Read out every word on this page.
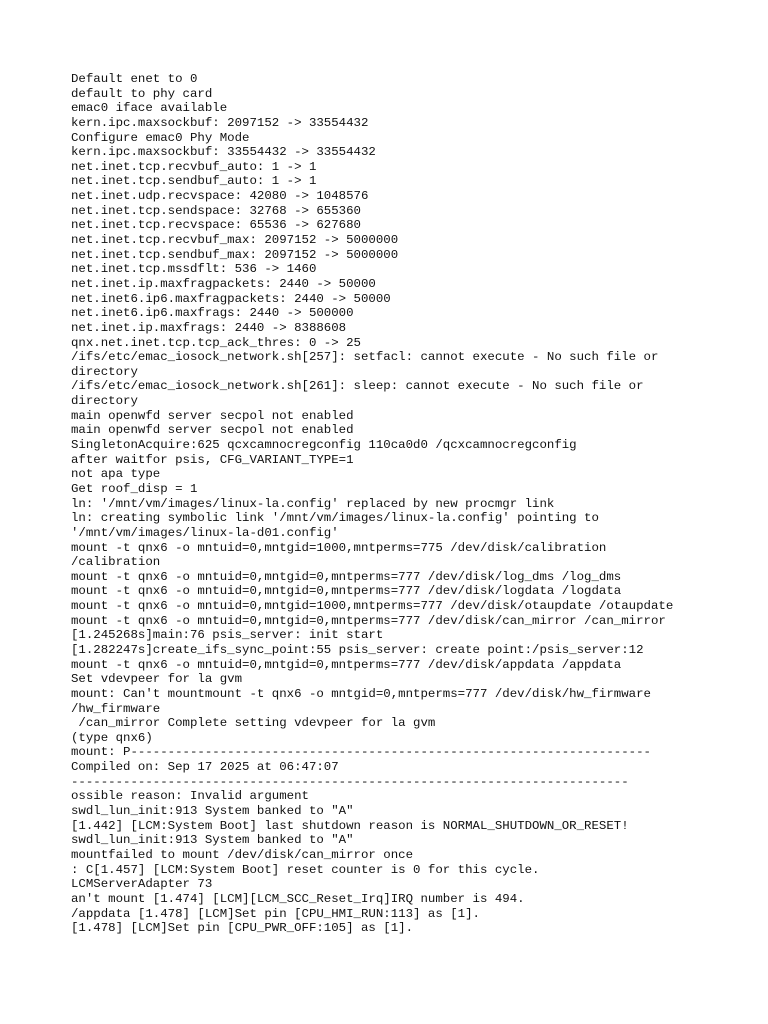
Default enet to 0
default to phy card
emac0 iface available
kern.ipc.maxsockbuf: 2097152 -> 33554432
Configure emac0 Phy Mode
kern.ipc.maxsockbuf: 33554432 -> 33554432
net.inet.tcp.recvbuf_auto: 1 -> 1
net.inet.tcp.sendbuf_auto: 1 -> 1
net.inet.udp.recvspace: 42080 -> 1048576
net.inet.tcp.sendspace: 32768 -> 655360
net.inet.tcp.recvspace: 65536 -> 627680
net.inet.tcp.recvbuf_max: 2097152 -> 5000000
net.inet.tcp.sendbuf_max: 2097152 -> 5000000
net.inet.tcp.mssdflt: 536 -> 1460
net.inet.ip.maxfragpackets: 2440 -> 50000
net.inet6.ip6.maxfragpackets: 2440 -> 50000
net.inet6.ip6.maxfrags: 2440 -> 500000
net.inet.ip.maxfrags: 2440 -> 8388608
qnx.net.inet.tcp.tcp_ack_thres: 0 -> 25
/ifs/etc/emac_iosock_network.sh[257]: setfacl: cannot execute - No such file or
directory
/ifs/etc/emac_iosock_network.sh[261]: sleep: cannot execute - No such file or
directory
main openwfd server secpol not enabled
main openwfd server secpol not enabled
SingletonAcquire:625 qcxcamnocregconfig 110ca0d0 /qcxcamnocregconfig
after waitfor psis, CFG_VARIANT_TYPE=1
not apa type
Get roof_disp = 1
ln: '/mnt/vm/images/linux-la.config' replaced by new procmgr link
ln: creating symbolic link '/mnt/vm/images/linux-la.config' pointing to
'/mnt/vm/images/linux-la-d01.config'
mount -t qnx6 -o mntuid=0,mntgid=1000,mntperms=775 /dev/disk/calibration
/calibration
mount -t qnx6 -o mntuid=0,mntgid=0,mntperms=777 /dev/disk/log_dms /log_dms
mount -t qnx6 -o mntuid=0,mntgid=0,mntperms=777 /dev/disk/logdata /logdata
mount -t qnx6 -o mntuid=0,mntgid=1000,mntperms=777 /dev/disk/otaupdate /otaupdate
mount -t qnx6 -o mntuid=0,mntgid=0,mntperms=777 /dev/disk/can_mirror /can_mirror
[1.245268s]main:76 psis_server: init start
[1.282247s]create_ifs_sync_point:55 psis_server: create point:/psis_server:12
mount -t qnx6 -o mntuid=0,mntgid=0,mntperms=777 /dev/disk/appdata /appdata
Set vdevpeer for la gvm
mount: Can't mountmount -t qnx6 -o mntgid=0,mntperms=777 /dev/disk/hw_firmware
/hw_firmware
/can_mirror Complete setting vdevpeer for la gvm
(type qnx6)
mount: P----------------------------------------------------------------------
Compiled on: Sep 17 2025 at 06:47:07
---------------------------------------------------------------------------
ossible reason: Invalid argument
swdl_lun_init:913 System banked to "A"
[1.442] [LCM:System Boot] last shutdown reason is NORMAL_SHUTDOWN_OR_RESET!
swdl_lun_init:913 System banked to "A"
mountfailed to mount /dev/disk/can_mirror once
: C[1.457] [LCM:System Boot] reset counter is 0 for this cycle.
LCMServerAdapter 73
an't mount [1.474] [LCM][LCM_SCC_Reset_Irq]IRQ number is 494.
/appdata [1.478] [LCM]Set pin [CPU_HMI_RUN:113] as [1].
[1.478] [LCM]Set pin [CPU_PWR_OFF:105] as [1].
